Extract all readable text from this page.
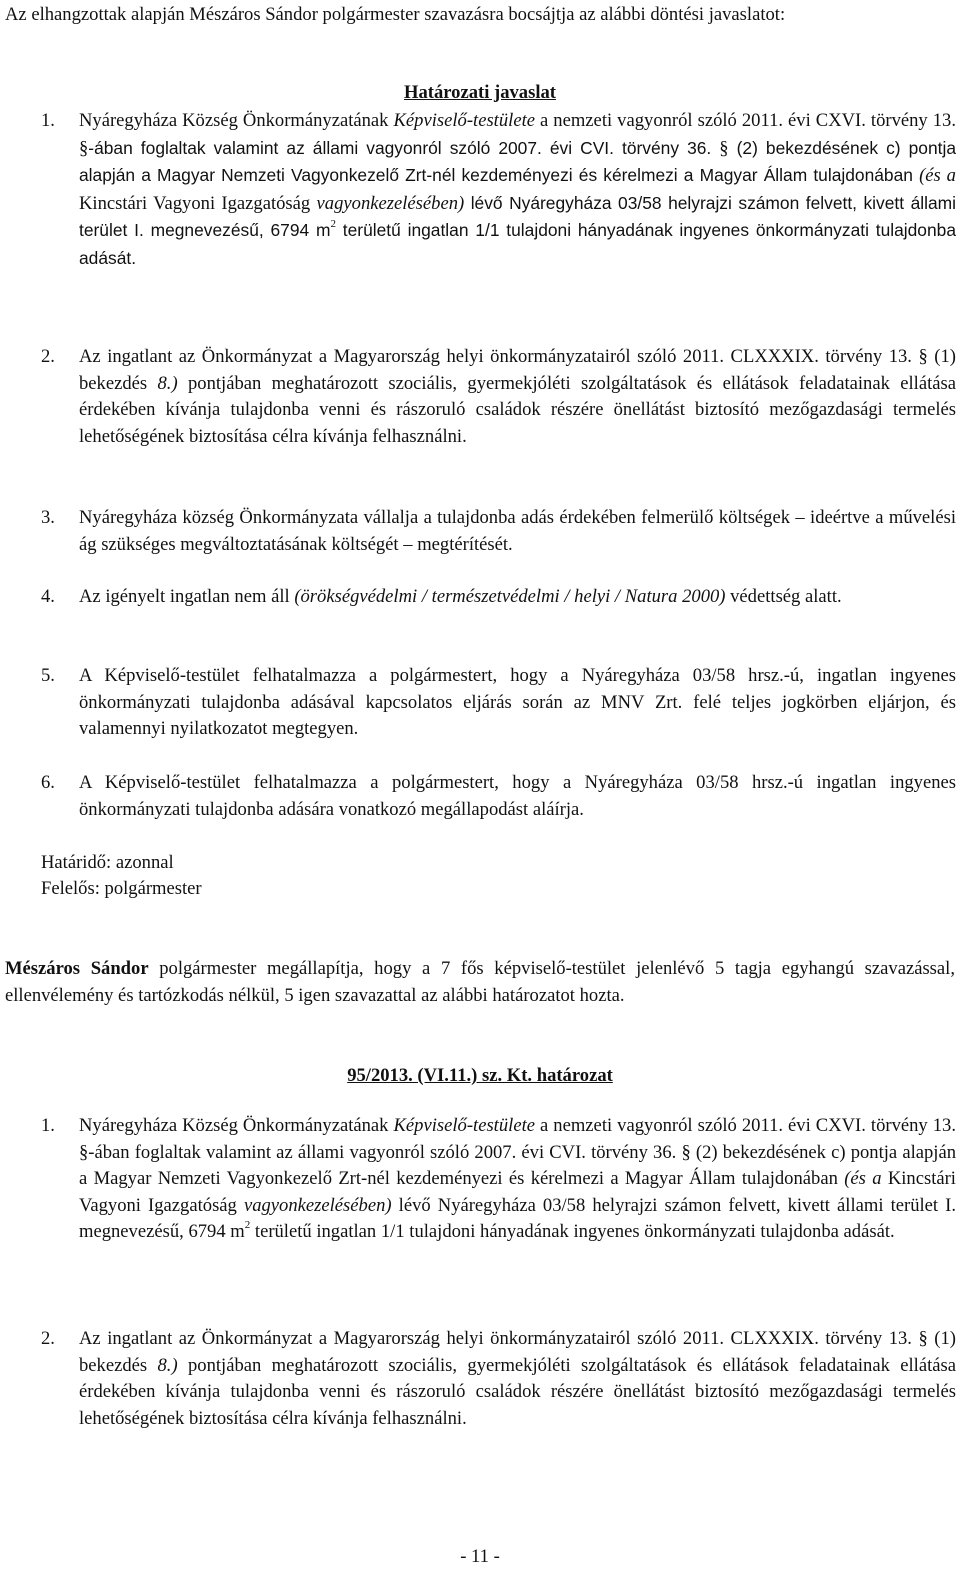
Az elhangzottak alapján Mészáros Sándor polgármester szavazásra bocsájtja az alábbi döntési javaslatot:
Határozati javaslat
1.	Nyáregyháza Község Önkormányzatának Képviselő-testülete a nemzeti vagyonról szóló 2011. évi CXVI. törvény 13. §-ában foglaltak valamint az állami vagyonról szóló 2007. évi CVI. törvény 36. § (2) bekezdésének c) pontja alapján a Magyar Nemzeti Vagyonkezelő Zrt-nél kezdeményezi és kérelmezi a Magyar Állam tulajdonában (és a Kincstári Vagyoni Igazgatóság vagyonkezelésében) lévő Nyáregyháza 03/58 helyrajzi számon felvett, kivett állami terület I. megnevezésű, 6794 $m^2$ területű ingatlan 1/1 tulajdoni hányadának ingyenes önkormányzati tulajdonba adását.
2.	Az ingatlant az Önkormányzat a Magyarország helyi önkormányzatairól szóló 2011. CLXXXIX. törvény 13. § (1) bekezdés 8.) pontjában meghatározott szociális, gyermekjóléti szolgáltatások és ellátások feladatainak ellátása érdekében kívánja tulajdonba venni és rászoruló családok részére önellátást biztosító mezőgazdasági termelés lehetőségének biztosítása célra kívánja felhasználni.
3.	Nyáregyháza község Önkormányzata vállalja a tulajdonba adás érdekében felmerülő költségek – ideértve a művelési ág szükséges megváltoztatásának költségét – megtérítését.
4.	Az igényelt ingatlan nem áll (örökségvédelmi / természetvédelmi / helyi / Natura 2000) védettség alatt.
5.	A Képviselő-testület felhatalmazza a polgármestert, hogy a Nyáregyháza 03/58 hrsz.-ú, ingatlan ingyenes önkormányzati tulajdonba adásával kapcsolatos eljárás során az MNV Zrt. felé teljes jogkörben eljárjon, és valamennyi nyilatkozatot megtegyen.
6.	A Képviselő-testület felhatalmazza a polgármestert, hogy a Nyáregyháza 03/58 hrsz.-ú ingatlan ingyenes önkormányzati tulajdonba adására vonatkozó megállapodást aláírja.
Határidő: azonnal
Felelős: polgármester
Mészáros Sándor polgármester megállapítja, hogy a 7 fős képviselő-testület jelenlévő 5 tagja egyhangú szavazással, ellenvélemény és tartózkodás nélkül, 5 igen szavazattal az alábbi határozatot hozta.
95/2013. (VI.11.) sz. Kt. határozat
1.	Nyáregyháza Község Önkormányzatának Képviselő-testülete a nemzeti vagyonról szóló 2011. évi CXVI. törvény 13. §-ában foglaltak valamint az állami vagyonról szóló 2007. évi CVI. törvény 36. § (2) bekezdésének c) pontja alapján a Magyar Nemzeti Vagyonkezelő Zrt-nél kezdeményezi és kérelmezi a Magyar Állam tulajdonában (és a Kincstári Vagyoni Igazgatóság vagyonkezelésében) lévő Nyáregyháza 03/58 helyrajzi számon felvett, kivett állami terület I. megnevezésű, 6794 $m^2$ területű ingatlan 1/1 tulajdoni hányadának ingyenes önkormányzati tulajdonba adását.
2.	Az ingatlant az Önkormányzat a Magyarország helyi önkormányzatairól szóló 2011. CLXXXIX. törvény 13. § (1) bekezdés 8.) pontjában meghatározott szociális, gyermekjóléti szolgáltatások és ellátások feladatainak ellátása érdekében kívánja tulajdonba venni és rászoruló családok részére önellátást biztosító mezőgazdasági termelés lehetőségének biztosítása célra kívánja felhasználni.
- 11 -
